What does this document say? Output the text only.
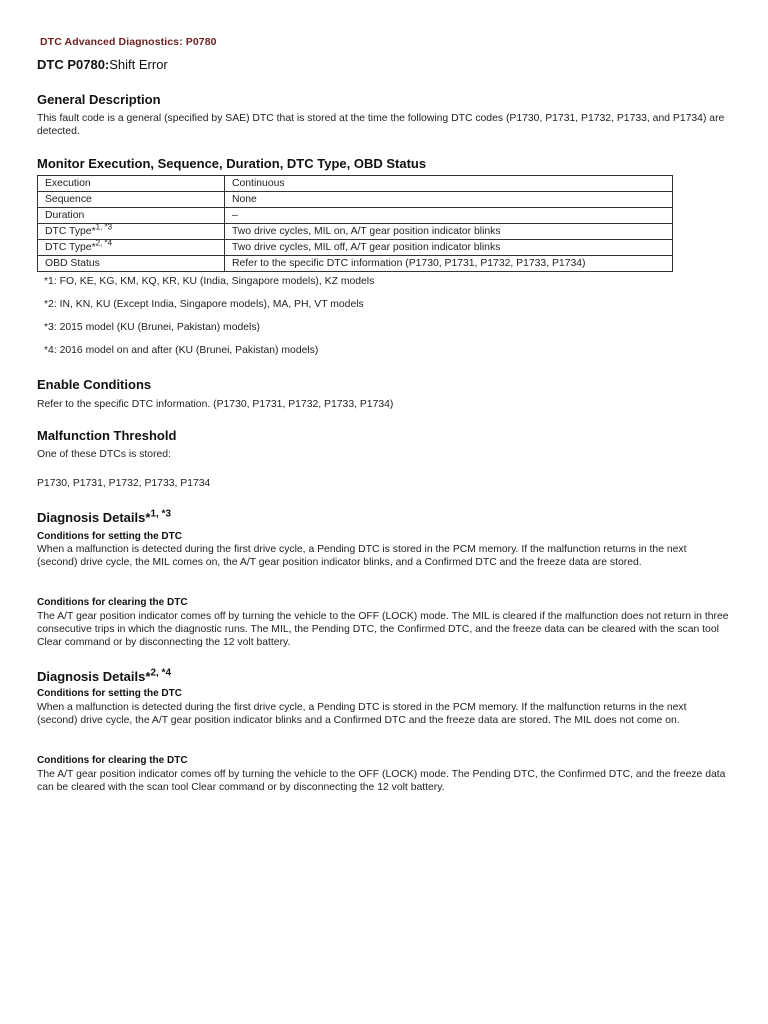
DTC Advanced Diagnostics: P0780
DTC P0780:Shift Error
General Description

This fault code is a general (specified by SAE) DTC that is stored at the time the following DTC codes (P1730, P1731, P1732, P1733, and P1734) are detected.

Monitor Execution, Sequence, Duration, DTC Type, OBD Status
Execution	Continuous
Sequence	None
Duration	–
DTC Type*$^{1, *3}$	Two drive cycles, MIL on, A/T gear position indicator blinks
DTC Type*$^{2, *4}$	Two drive cycles, MIL off, A/T gear position indicator blinks
OBD Status	Refer to the specific DTC information (P1730, P1731, P1732, P1733, P1734)
*1: FO, KE, KG, KM, KQ, KR, KU (India, Singapore models), KZ models
*2: IN, KN, KU (Except India, Singapore models), MA, PH, VT models
*3: 2015 model (KU (Brunei, Pakistan) models)
*4: 2016 model on and after (KU (Brunei, Pakistan) models)
Enable Conditions

Refer to the specific DTC information. (P1730, P1731, P1732, P1733, P1734)

Malfunction Threshold

One of these DTCs is stored:

P1730, P1731, P1732, P1733, P1734

Diagnosis Details*$^{1, *3}$
Conditions for setting the DTC

When a malfunction is detected during the first drive cycle, a Pending DTC is stored in the PCM memory. If the malfunction returns in the next (second) drive cycle, the MIL comes on, the A/T gear position indicator blinks, and a Confirmed DTC and the freeze data are stored.

Conditions for clearing the DTC

The A/T gear position indicator comes off by turning the vehicle to the OFF (LOCK) mode. The MIL is cleared if the malfunction does not return in three consecutive trips in which the diagnostic runs. The MIL, the Pending DTC, the Confirmed DTC, and the freeze data can be cleared with the scan tool Clear command or by disconnecting the 12 volt battery.

Diagnosis Details*$^{2, *4}$
Conditions for setting the DTC

When a malfunction is detected during the first drive cycle, a Pending DTC is stored in the PCM memory. If the malfunction returns in the next (second) drive cycle, the A/T gear position indicator blinks and a Confirmed DTC and the freeze data are stored. The MIL does not come on.

Conditions for clearing the DTC

The A/T gear position indicator comes off by turning the vehicle to the OFF (LOCK) mode. The Pending DTC, the Confirmed DTC, and the freeze data can be cleared with the scan tool Clear command or by disconnecting the 12 volt battery.
